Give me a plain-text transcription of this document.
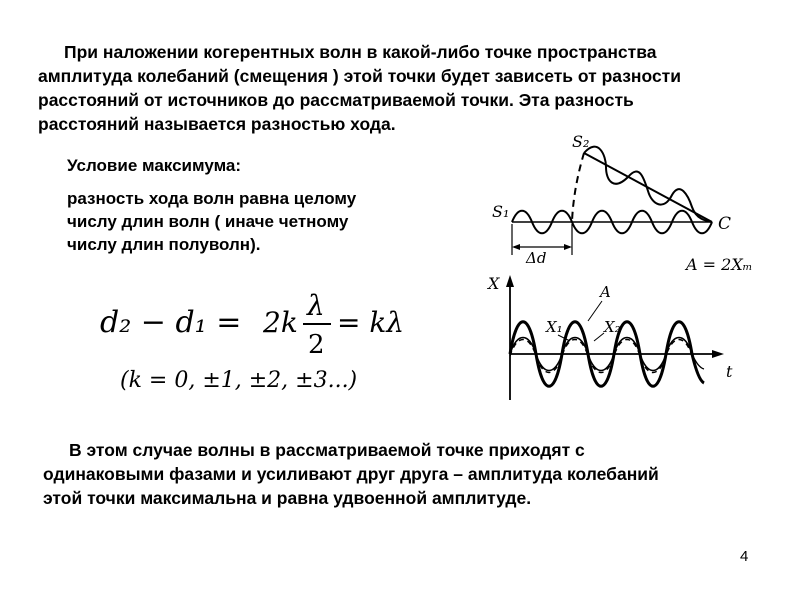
При наложении когерентных волн в какой-либо точке пространства
амплитуда колебаний (смещения ) этой точки будет зависеть от разности
расстояний от источников до рассматриваемой точки. Эта разность
расстояний называется разностью хода.
Условие максимума:
разность хода волн равна целому
числу длин волн ( иначе четному
числу длин полуволн).
d₂ − d₁ = 2k
λ
2
= kλ
(k = 0, ±1, ±2, ±3...)
Δd
S₁
S₂
C
A = 2Xₘ
X
t
A
X₁	X₂
В этом случае волны в рассматриваемой точке приходят с
одинаковыми фазами и усиливают друг друга – амплитуда колебаний
этой точки максимальна и равна удвоенной амплитуде.
4
